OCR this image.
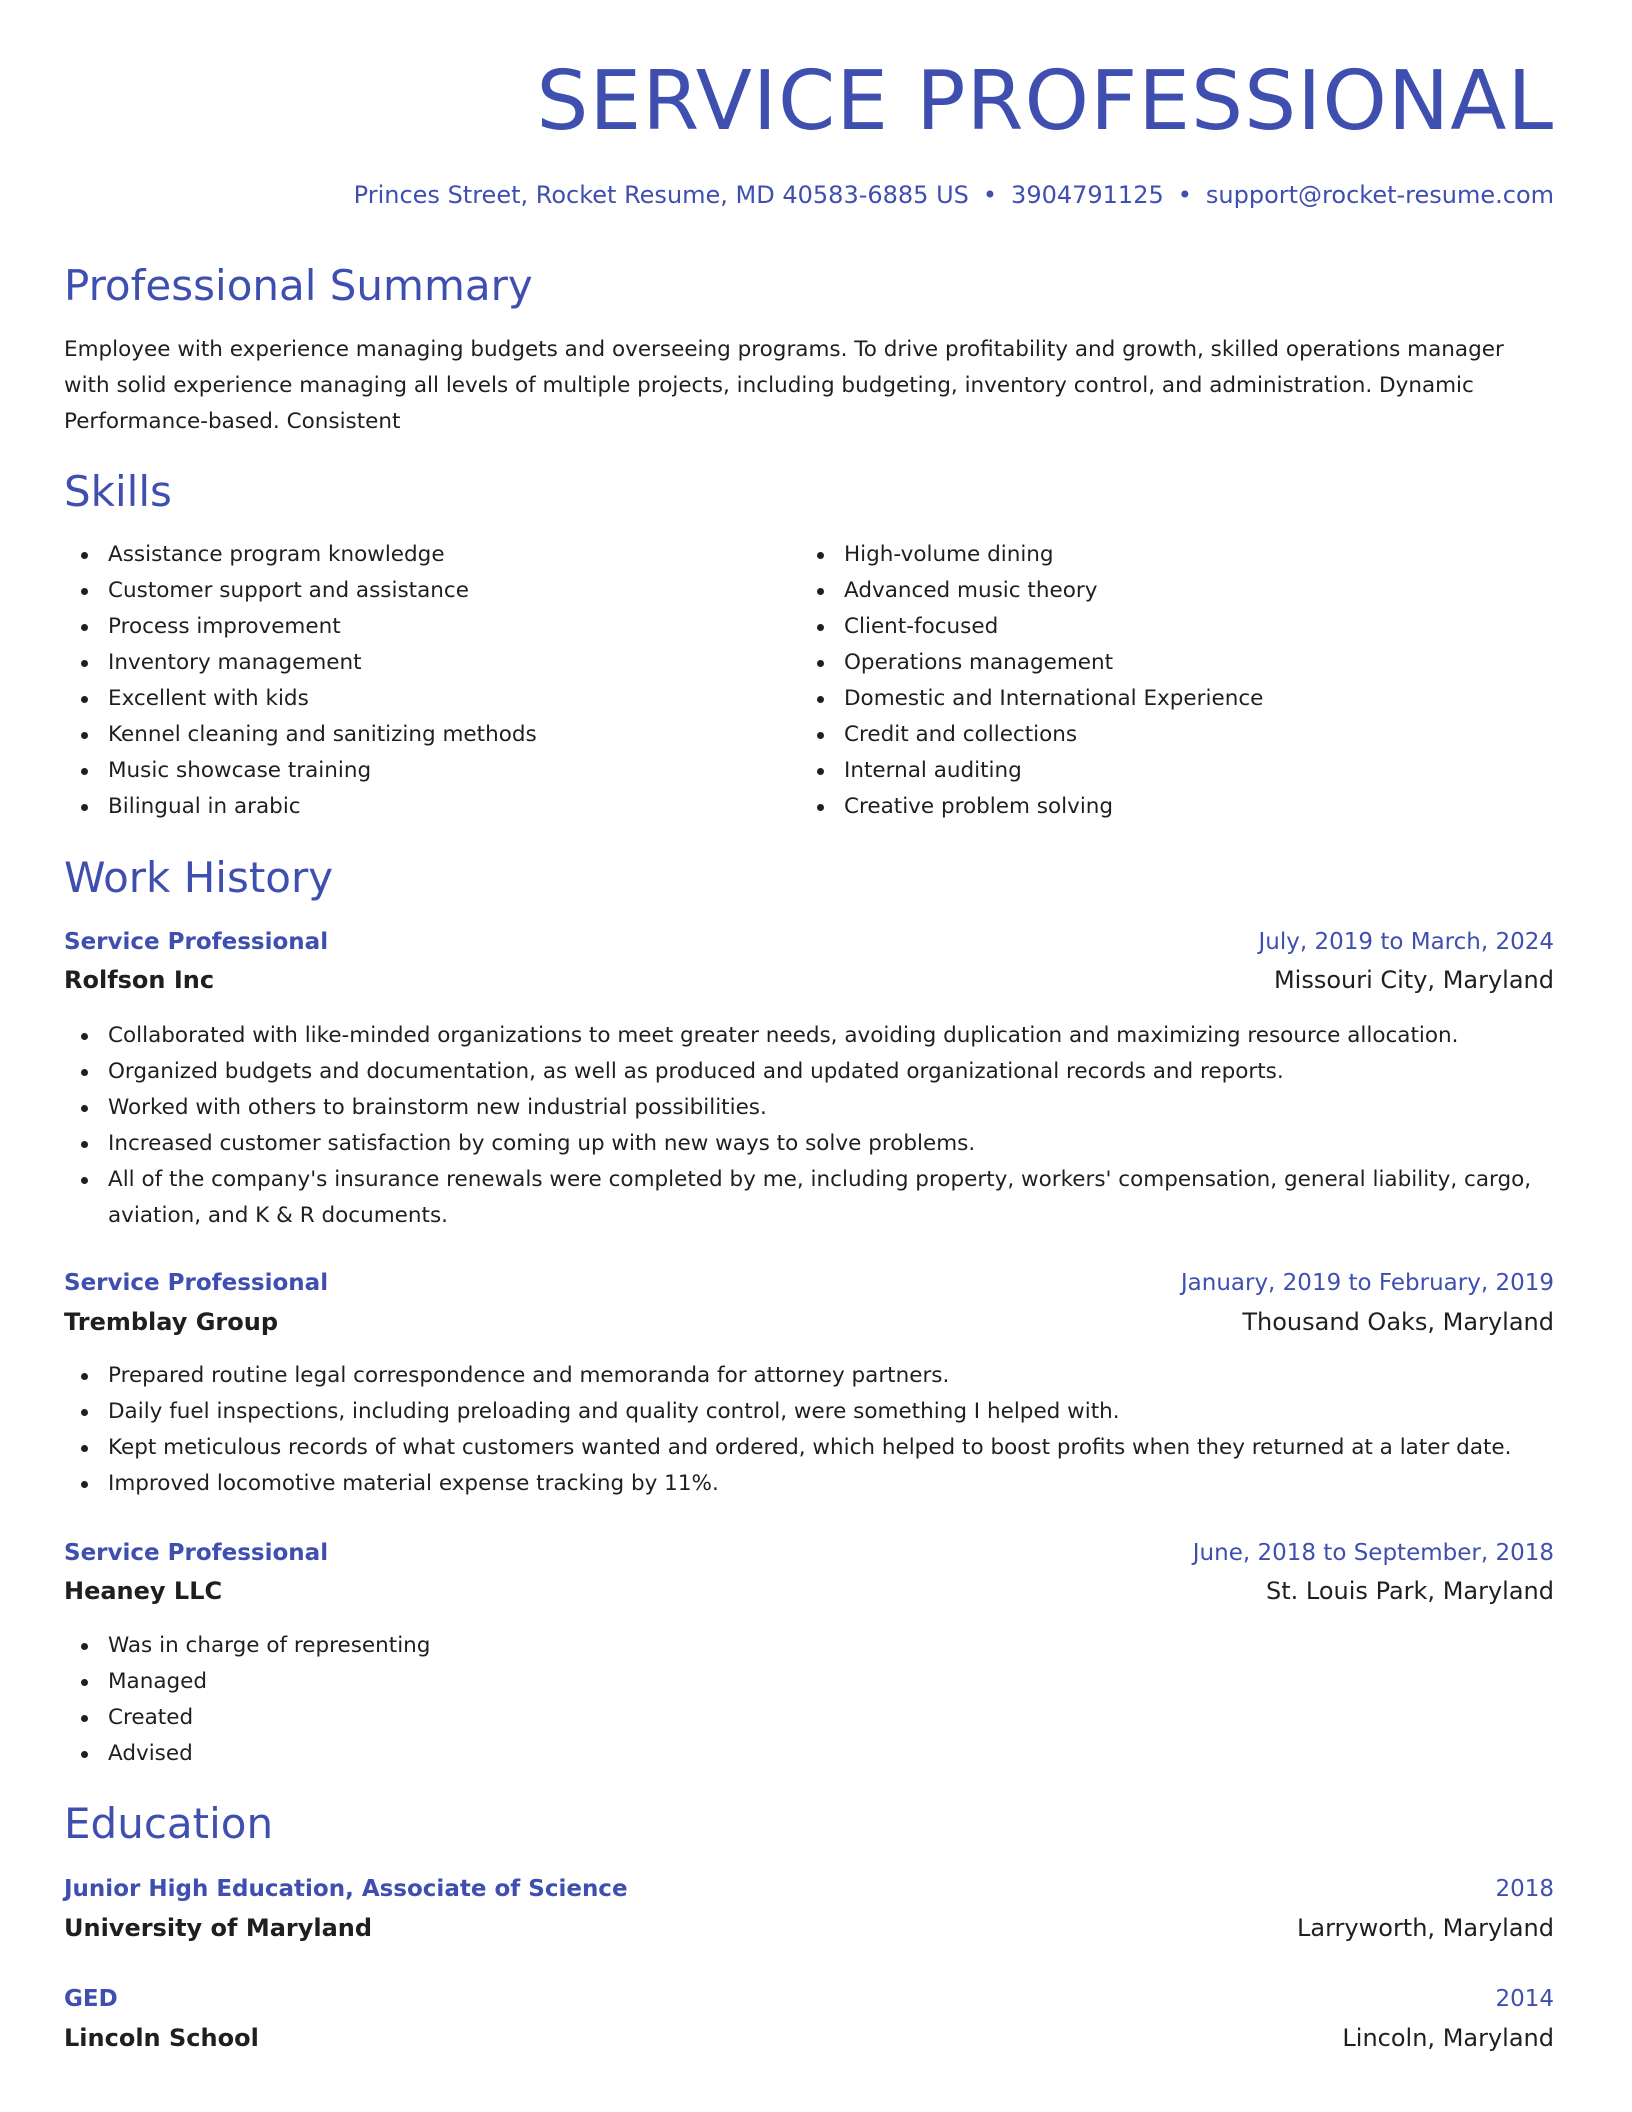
SERVICE PROFESSIONAL
Princes Street, Rocket Resume, MD 40583-6885 US • 3904791125 • support@rocket-resume.com
Professional Summary

Employee with experience managing budgets and overseeing programs. To drive profitability and growth, skilled operations manager with solid experience managing all levels of multiple projects, including budgeting, inventory control, and administration. Dynamic Performance-based. Consistent

Skills
Assistance program knowledge
Customer support and assistance
Process improvement
Inventory management
Excellent with kids
Kennel cleaning and sanitizing methods
Music showcase training
Bilingual in arabic
High-volume dining
Advanced music theory
Client-focused
Operations management
Domestic and International Experience
Credit and collections
Internal auditing
Creative problem solving
Work History
Service Professional	July, 2019 to March, 2024
Rolfson Inc	Missouri City, Maryland
Collaborated with like-minded organizations to meet greater needs, avoiding duplication and maximizing resource allocation.
Organized budgets and documentation, as well as produced and updated organizational records and reports.
Worked with others to brainstorm new industrial possibilities.
Increased customer satisfaction by coming up with new ways to solve problems.
All of the company's insurance renewals were completed by me, including property, workers' compensation, general liability, cargo, aviation, and K & R documents.
Service Professional	January, 2019 to February, 2019
Tremblay Group	Thousand Oaks, Maryland
Prepared routine legal correspondence and memoranda for attorney partners.
Daily fuel inspections, including preloading and quality control, were something I helped with.
Kept meticulous records of what customers wanted and ordered, which helped to boost profits when they returned at a later date.
Improved locomotive material expense tracking by 11%.
Service Professional	June, 2018 to September, 2018
Heaney LLC	St. Louis Park, Maryland
Was in charge of representing
Managed
Created
Advised
Education
Junior High Education, Associate of Science	2018
University of Maryland	Larryworth, Maryland
GED	2014
Lincoln School	Lincoln, Maryland
